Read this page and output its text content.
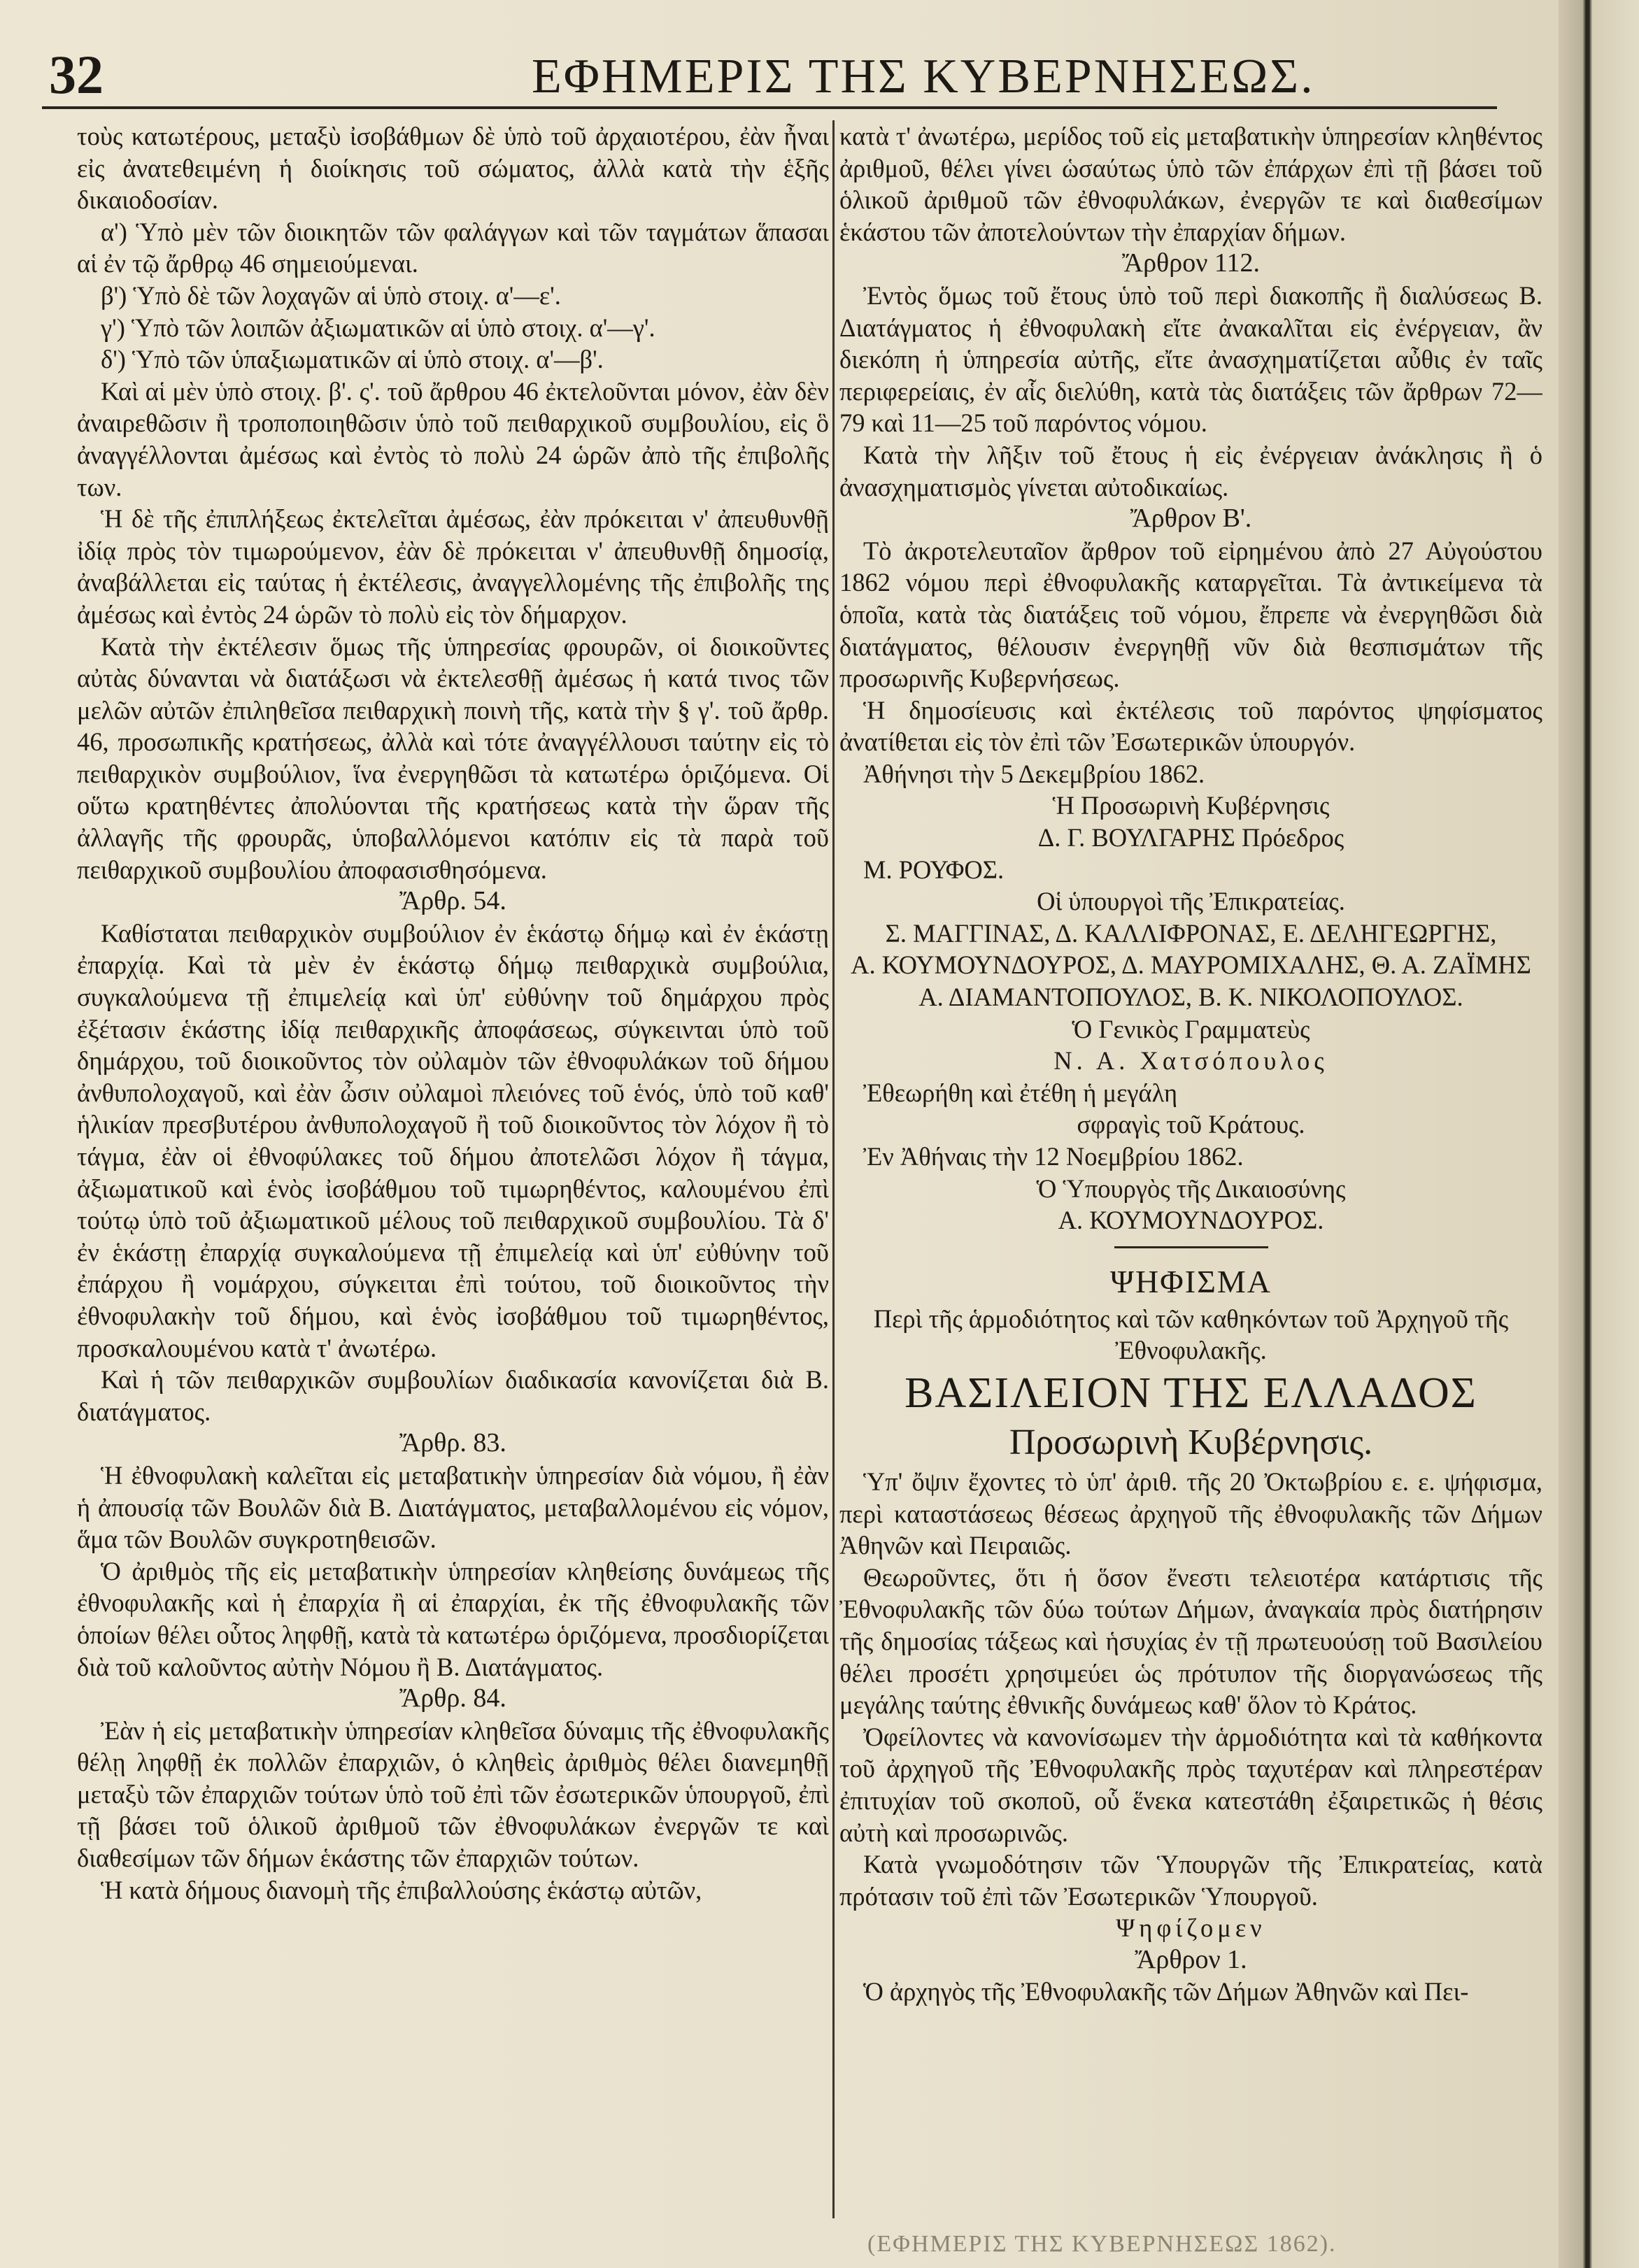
32	ΕΦΗΜΕΡΙΣ ΤΗΣ ΚΥΒΕΡΝΗΣΕΩΣ.

τοὺς κατωτέρους, μεταξὺ ἰσοβάθμων δὲ ὑπὸ τοῦ ἀρχαιοτέρου, ἐὰν ἦναι εἰς ἀνατεθειμένη ἡ διοίκησις τοῦ σώματος, ἀλλὰ κατὰ τὴν ἑξῆς δικαιοδοσίαν.

α') Ὑπὸ μὲν τῶν διοικητῶν τῶν φαλάγγων καὶ τῶν ταγμάτων ἅπασαι αἱ ἐν τῷ ἄρθρῳ 46 σημειούμεναι.

β') Ὑπὸ δὲ τῶν λοχαγῶν αἱ ὑπὸ στοιχ. α'—ε'.

γ') Ὑπὸ τῶν λοιπῶν ἀξιωματικῶν αἱ ὑπὸ στοιχ. α'—γ'.

δ') Ὑπὸ τῶν ὑπαξιωματικῶν αἱ ὑπὸ στοιχ. α'—β'.

Καὶ αἱ μὲν ὑπὸ στοιχ. β'. ς'. τοῦ ἄρθρου 46 ἐκτελοῦνται μόνον, ἐὰν δὲν ἀναιρεθῶσιν ἢ τροποποιηθῶσιν ὑπὸ τοῦ πειθαρχικοῦ συμβουλίου, εἰς ὃ ἀναγγέλλονται ἀμέσως καὶ ἐντὸς τὸ πολὺ 24 ὡρῶν ἀπὸ τῆς ἐπιβολῆς των.

Ἡ δὲ τῆς ἐπιπλήξεως ἐκτελεῖται ἀμέσως, ἐὰν πρόκειται ν' ἀπευθυνθῇ ἰδίᾳ πρὸς τὸν τιμωρούμενον, ἐὰν δὲ πρόκειται ν' ἀπευθυνθῇ δημοσίᾳ, ἀναβάλλεται εἰς ταύτας ἡ ἐκτέλεσις, ἀναγγελλομένης τῆς ἐπιβολῆς της ἀμέσως καὶ ἐντὸς 24 ὡρῶν τὸ πολὺ εἰς τὸν δήμαρχον.

Κατὰ τὴν ἐκτέλεσιν ὅμως τῆς ὑπηρεσίας φρουρῶν, οἱ διοικοῦντες αὐτὰς δύνανται νὰ διατάξωσι νὰ ἐκτελεσθῇ ἀμέσως ἡ κατά τινος τῶν μελῶν αὐτῶν ἐπιληθεῖσα πειθαρχικὴ ποινὴ τῆς, κατὰ τὴν § γ'. τοῦ ἄρθρ. 46, προσωπικῆς κρατήσεως, ἀλλὰ καὶ τότε ἀναγγέλλουσι ταύτην εἰς τὸ πειθαρχικὸν συμβούλιον, ἵνα ἐνεργηθῶσι τὰ κατωτέρω ὁριζόμενα. Οἱ οὕτω κρατηθέντες ἀπολύονται τῆς κρατήσεως κατὰ τὴν ὥραν τῆς ἀλλαγῆς τῆς φρουρᾶς, ὑποβαλλόμενοι κατόπιν εἰς τὰ παρὰ τοῦ πειθαρχικοῦ συμβουλίου ἀποφασισθησόμενα.

Ἄρθρ. 54.

Καθίσταται πειθαρχικὸν συμβούλιον ἐν ἑκάστῳ δήμῳ καὶ ἐν ἑκάστῃ ἐπαρχίᾳ. Καὶ τὰ μὲν ἐν ἑκάστῳ δήμῳ πειθαρχικὰ συμβούλια, συγκαλούμενα τῇ ἐπιμελείᾳ καὶ ὑπ' εὐθύνην τοῦ δημάρχου πρὸς ἐξέτασιν ἑκάστης ἰδίᾳ πειθαρχικῆς ἀποφάσεως, σύγκεινται ὑπὸ τοῦ δημάρχου, τοῦ διοικοῦντος τὸν οὐλαμὸν τῶν ἐθνοφυλάκων τοῦ δήμου ἀνθυπολοχαγοῦ, καὶ ἐὰν ὦσιν οὐλαμοὶ πλειόνες τοῦ ἑνός, ὑπὸ τοῦ καθ' ἡλικίαν πρεσβυτέρου ἀνθυπολοχαγοῦ ἢ τοῦ διοικοῦντος τὸν λόχον ἢ τὸ τάγμα, ἐὰν οἱ ἐθνοφύλακες τοῦ δήμου ἀποτελῶσι λόχον ἢ τάγμα, ἀξιωματικοῦ καὶ ἑνὸς ἰσοβάθμου τοῦ τιμωρηθέντος, καλουμένου ἐπὶ τούτῳ ὑπὸ τοῦ ἀξιωματικοῦ μέλους τοῦ πειθαρχικοῦ συμβουλίου. Τὰ δ' ἐν ἑκάστῃ ἐπαρχίᾳ συγκαλούμενα τῇ ἐπιμελείᾳ καὶ ὑπ' εὐθύνην τοῦ ἐπάρχου ἢ νομάρχου, σύγκειται ἐπὶ τούτου, τοῦ διοικοῦντος τὴν ἐθνοφυλακὴν τοῦ δήμου, καὶ ἑνὸς ἰσοβάθμου τοῦ τιμωρηθέντος, προσκαλουμένου κατὰ τ' ἀνωτέρω.

Καὶ ἡ τῶν πειθαρχικῶν συμβουλίων διαδικασία κανονίζεται διὰ Β. διατάγματος.

Ἄρθρ. 83.

Ἡ ἐθνοφυλακὴ καλεῖται εἰς μεταβατικὴν ὑπηρεσίαν διὰ νόμου, ἢ ἐὰν ἡ ἀπουσίᾳ τῶν Βουλῶν διὰ Β. Διατάγματος, μεταβαλλομένου εἰς νόμον, ἅμα τῶν Βουλῶν συγκροτηθεισῶν.

Ὁ ἀριθμὸς τῆς εἰς μεταβατικὴν ὑπηρεσίαν κληθείσης δυνάμεως τῆς ἐθνοφυλακῆς καὶ ἡ ἐπαρχία ἢ αἱ ἐπαρχίαι, ἐκ τῆς ἐθνοφυλακῆς τῶν ὁποίων θέλει οὗτος ληφθῇ, κατὰ τὰ κατωτέρω ὁριζόμενα, προσδιορίζεται διὰ τοῦ καλοῦντος αὐτὴν Νόμου ἢ Β. Διατάγματος.

Ἄρθρ. 84.

Ἐὰν ἡ εἰς μεταβατικὴν ὑπηρεσίαν κληθεῖσα δύναμις τῆς ἐθνοφυλακῆς θέλῃ ληφθῇ ἐκ πολλῶν ἐπαρχιῶν, ὁ κληθεὶς ἀριθμὸς θέλει διανεμηθῇ μεταξὺ τῶν ἐπαρχιῶν τούτων ὑπὸ τοῦ ἐπὶ τῶν ἐσωτερικῶν ὑπουργοῦ, ἐπὶ τῇ βάσει τοῦ ὁλικοῦ ἀριθμοῦ τῶν ἐθνοφυλάκων ἐνεργῶν τε καὶ διαθεσίμων τῶν δήμων ἑκάστης τῶν ἐπαρχιῶν τούτων.

Ἡ κατὰ δήμους διανομὴ τῆς ἐπιβαλλούσης ἑκάστῳ αὐτῶν,

κατὰ τ' ἀνωτέρω, μερίδος τοῦ εἰς μεταβατικὴν ὑπηρεσίαν κληθέντος ἀριθμοῦ, θέλει γίνει ὡσαύτως ὑπὸ τῶν ἐπάρχων ἐπὶ τῇ βάσει τοῦ ὁλικοῦ ἀριθμοῦ τῶν ἐθνοφυλάκων, ἐνεργῶν τε καὶ διαθεσίμων ἑκάστου τῶν ἀποτελούντων τὴν ἐπαρχίαν δήμων.

Ἄρθρον 112.

Ἐντὸς ὅμως τοῦ ἔτους ὑπὸ τοῦ περὶ διακοπῆς ἢ διαλύσεως Β. Διατάγματος ἡ ἐθνοφυλακὴ εἴτε ἀνακαλῖται εἰς ἐνέργειαν, ἂν διεκόπη ἡ ὑπηρεσία αὐτῆς, εἴτε ἀνασχηματίζεται αὖθις ἐν ταῖς περιφερείαις, ἐν αἷς διελύθη, κατὰ τὰς διατάξεις τῶν ἄρθρων 72—79 καὶ 11—25 τοῦ παρόντος νόμου.

Κατὰ τὴν λῆξιν τοῦ ἔτους ἡ εἰς ἐνέργειαν ἀνάκλησις ἢ ὁ ἀνασχηματισμὸς γίνεται αὐτοδικαίως.

Ἄρθρον Β'.

Τὸ ἀκροτελευταῖον ἄρθρον τοῦ εἰρημένου ἀπὸ 27 Αὐγούστου 1862 νόμου περὶ ἐθνοφυλακῆς καταργεῖται. Τὰ ἀντικείμενα τὰ ὁποῖα, κατὰ τὰς διατάξεις τοῦ νόμου, ἔπρεπε νὰ ἐνεργηθῶσι διὰ διατάγματος, θέλουσιν ἐνεργηθῇ νῦν διὰ θεσπισμάτων τῆς προσωρινῆς Κυβερνήσεως.

Ἡ δημοσίευσις καὶ ἐκτέλεσις τοῦ παρόντος ψηφίσματος ἀνατίθεται εἰς τὸν ἐπὶ τῶν Ἐσωτερικῶν ὑπουργόν.

Ἀθήνησι τὴν 5 Δεκεμβρίου 1862.

Ἡ Προσωρινὴ Κυβέρνησις

Δ. Γ. ΒΟΥΛΓΑΡΗΣ Πρόεδρος

Μ. ΡΟΥΦΟΣ.

Οἱ ὑπουργοὶ τῆς Ἐπικρατείας.

Σ. ΜΑΓΓΙΝΑΣ, Δ. ΚΑΛΛΙΦΡΟΝΑΣ, Ε. ΔΕΛΗΓΕΩΡΓΗΣ,

Α. ΚΟΥΜΟΥΝΔΟΥΡΟΣ, Δ. ΜΑΥΡΟΜΙΧΑΛΗΣ, Θ. Α. ΖΑΪΜΗΣ

Α. ΔΙΑΜΑΝΤΟΠΟΥΛΟΣ, Β. Κ. ΝΙΚΟΛΟΠΟΥΛΟΣ.

Ὁ Γενικὸς Γραμματεὺς

Ν. Α. Χατσόπουλος

Ἐθεωρήθη καὶ ἐτέθη ἡ μεγάλη

σφραγὶς τοῦ Κράτους.

Ἐν Ἀθήναις τὴν 12 Νοεμβρίου 1862.

Ὁ Ὑπουργὸς τῆς Δικαιοσύνης

Α. ΚΟΥΜΟΥΝΔΟΥΡΟΣ.

ΨΗΦΙΣΜΑ

Περὶ τῆς ἁρμοδιότητος καὶ τῶν καθηκόντων τοῦ Ἀρχηγοῦ τῆς Ἐθνοφυλακῆς.

ΒΑΣΙΛΕΙΟΝ ΤΗΣ ΕΛΛΑΔΟΣ

Προσωρινὴ Κυβέρνησις.

Ὑπ' ὄψιν ἔχοντες τὸ ὑπ' ἀριθ. τῆς 20 Ὀκτωβρίου ε. ε. ψήφισμα, περὶ καταστάσεως θέσεως ἀρχηγοῦ τῆς ἐθνοφυλακῆς τῶν Δήμων Ἀθηνῶν καὶ Πειραιῶς.

Θεωροῦντες, ὅτι ἡ ὅσον ἔνεστι τελειοτέρα κατάρτισις τῆς Ἐθνοφυλακῆς τῶν δύω τούτων Δήμων, ἀναγκαία πρὸς διατήρησιν τῆς δημοσίας τάξεως καὶ ἡσυχίας ἐν τῇ πρωτευούσῃ τοῦ Βασιλείου θέλει προσέτι χρησιμεύει ὡς πρότυπον τῆς διοργανώσεως τῆς μεγάλης ταύτης ἐθνικῆς δυνάμεως καθ' ὅλον τὸ Κράτος.

Ὀφείλοντες νὰ κανονίσωμεν τὴν ἁρμοδιότητα καὶ τὰ καθήκοντα τοῦ ἀρχηγοῦ τῆς Ἐθνοφυλακῆς πρὸς ταχυτέραν καὶ πληρεστέραν ἐπιτυχίαν τοῦ σκοποῦ, οὗ ἕνεκα κατεστάθη ἐξαιρετικῶς ἡ θέσις αὐτὴ καὶ προσωρινῶς.

Κατὰ γνωμοδότησιν τῶν Ὑπουργῶν τῆς Ἐπικρατείας, κατὰ πρότασιν τοῦ ἐπὶ τῶν Ἐσωτερικῶν Ὑπουργοῦ.

Ψηφίζομεν

Ἄρθρον 1.

Ὁ ἀρχηγὸς τῆς Ἐθνοφυλακῆς τῶν Δήμων Ἀθηνῶν καὶ Πει-

(ΕΦΗΜΕΡΙΣ ΤΗΣ ΚΥΒΕΡΝΗΣΕΩΣ 1862).
